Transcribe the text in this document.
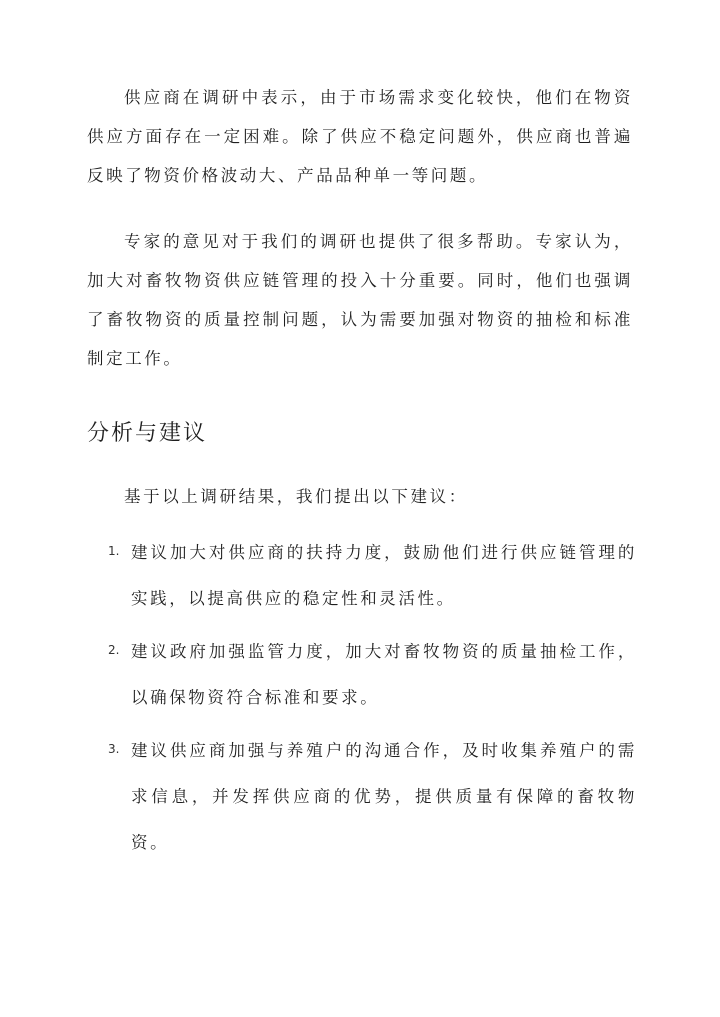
供应商在调研中表示，由于市场需求变化较快，他们在物资供应方面存在一定困难。除了供应不稳定问题外，供应商也普遍反映了物资价格波动大、产品品种单一等问题。

专家的意见对于我们的调研也提供了很多帮助。专家认为，加大对畜牧物资供应链管理的投入十分重要。同时，他们也强调了畜牧物资的质量控制问题，认为需要加强对物资的抽检和标准制定工作。

分析与建议

基于以上调研结果，我们提出以下建议：

1. 建议加大对供应商的扶持力度，鼓励他们进行供应链管理的实践，以提高供应的稳定性和灵活性。
2. 建议政府加强监管力度，加大对畜牧物资的质量抽检工作，以确保物资符合标准和要求。
3. 建议供应商加强与养殖户的沟通合作，及时收集养殖户的需求信息，并发挥供应商的优势，提供质量有保障的畜牧物资。
